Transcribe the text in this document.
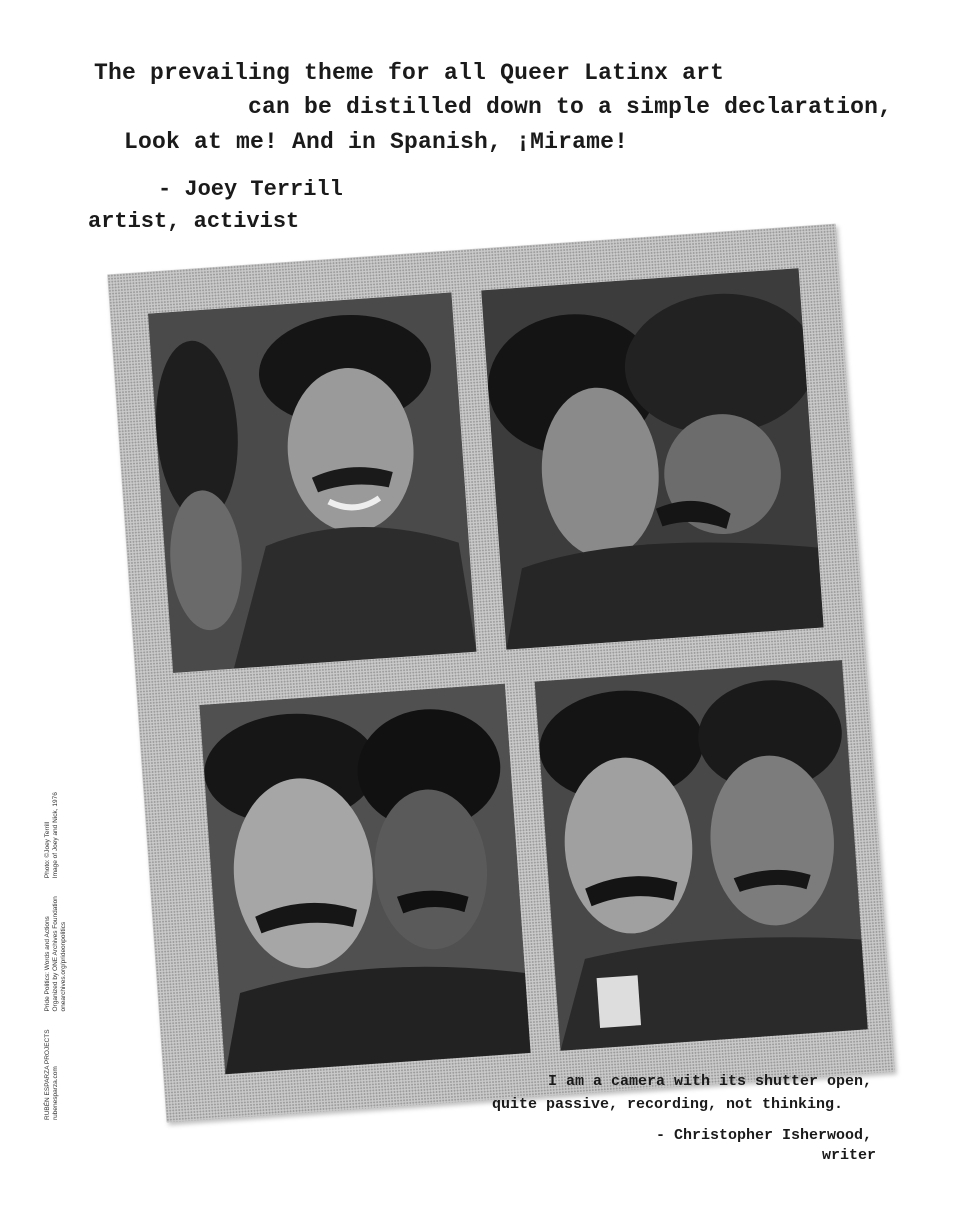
The prevailing theme for all Queer Latinx art
can be distilled down to a simple declaration,
Look at me! And in Spanish, ¡Mirame!
- Joey Terrill
artist, activist
RUBÉN ESPARZA PROJECTS rubenesparza.com
Pride Politics: Words and Actions Organized by ONE Archives Foundation onearchives.org/prideonpolitics
Photo: ©Joey Terrill Image of Joey and Nick, 1976
I am a camera with its shutter open,
quite passive, recording, not thinking.
- Christopher Isherwood,
writer
